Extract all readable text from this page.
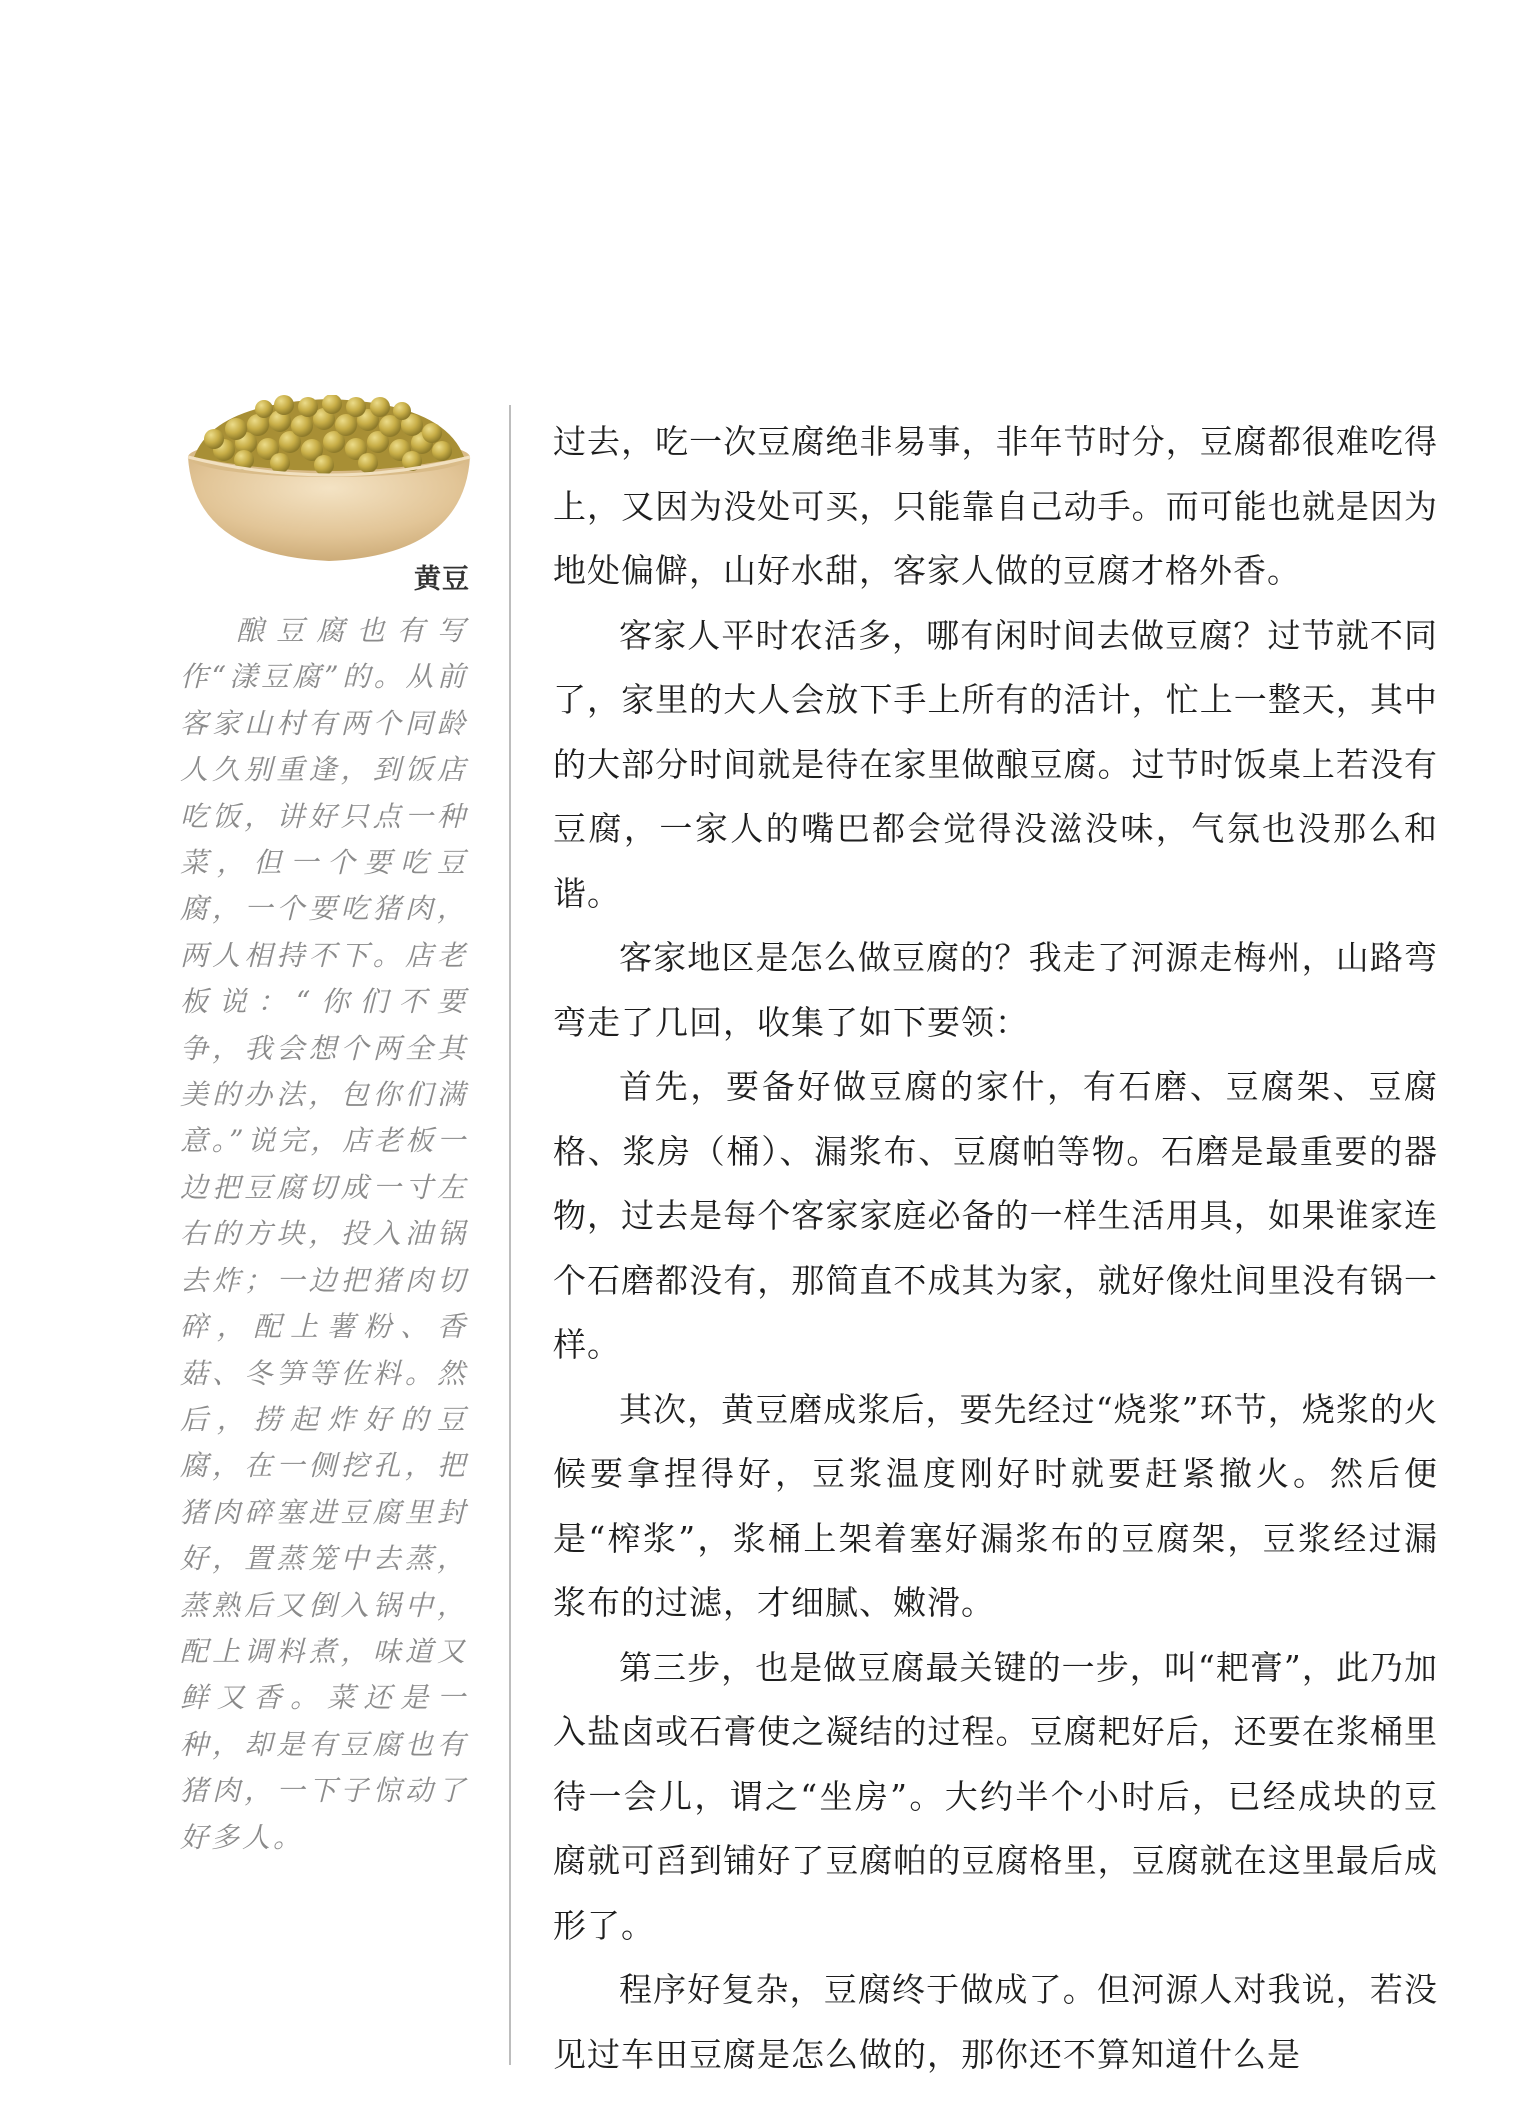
黄豆
酿豆腐也有写作“漾豆腐”的。从前客家山村有两个同龄人久别重逢，到饭店吃饭，讲好只点一种菜，但一个要吃豆腐，一个要吃猪肉，两人相持不下。店老板说：“你们不要争，我会想个两全其美的办法，包你们满意。”说完，店老板一边把豆腐切成一寸左右的方块，投入油锅去炸；一边把猪肉切碎，配上薯粉、香菇、冬笋等佐料。然后，捞起炸好的豆腐，在一侧挖孔，把猪肉碎塞进豆腐里封好，置蒸笼中去蒸，蒸熟后又倒入锅中，配上调料煮，味道又鲜又香。菜还是一种，却是有豆腐也有猪肉，一下子惊动了好多人。

过去，吃一次豆腐绝非易事，非年节时分，豆腐都很难吃得上，又因为没处可买，只能靠自己动手。而可能也就是因为地处偏僻，山好水甜，客家人做的豆腐才格外香。

客家人平时农活多，哪有闲时间去做豆腐？过节就不同了，家里的大人会放下手上所有的活计，忙上一整天，其中的大部分时间就是待在家里做酿豆腐。过节时饭桌上若没有豆腐，一家人的嘴巴都会觉得没滋没味，气氛也没那么和谐。

客家地区是怎么做豆腐的？我走了河源走梅州，山路弯弯走了几回，收集了如下要领：

首先，要备好做豆腐的家什，有石磨、豆腐架、豆腐格、浆房（桶）、漏浆布、豆腐帕等物。石磨是最重要的器物，过去是每个客家家庭必备的一样生活用具，如果谁家连个石磨都没有，那简直不成其为家，就好像灶间里没有锅一样。

其次，黄豆磨成浆后，要先经过“烧浆”环节，烧浆的火候要拿捏得好，豆浆温度刚好时就要赶紧撤火。然后便是“榨浆”，浆桶上架着塞好漏浆布的豆腐架，豆浆经过漏浆布的过滤，才细腻、嫩滑。

第三步，也是做豆腐最关键的一步，叫“耙膏”，此乃加入盐卤或石膏使之凝结的过程。豆腐耙好后，还要在浆桶里待一会儿，谓之“坐房”。大约半个小时后，已经成块的豆腐就可舀到铺好了豆腐帕的豆腐格里，豆腐就在这里最后成形了。

程序好复杂，豆腐终于做成了。但河源人对我说，若没见过车田豆腐是怎么做的，那你还不算知道什么是
